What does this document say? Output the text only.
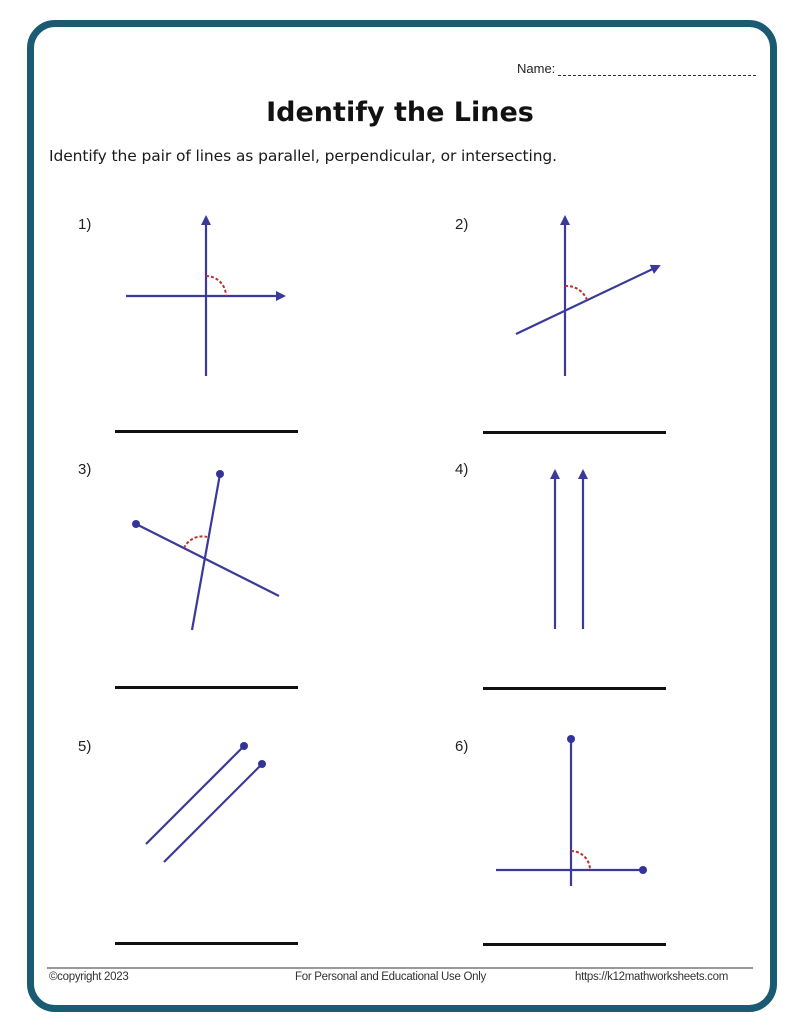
Name:
Identify the Lines
Identify the pair of lines as parallel, perpendicular, or intersecting.
1)	2)
3)	4)
5)	6)
©copyright 2023	For Personal and Educational Use Only	https://k12mathworksheets.com
